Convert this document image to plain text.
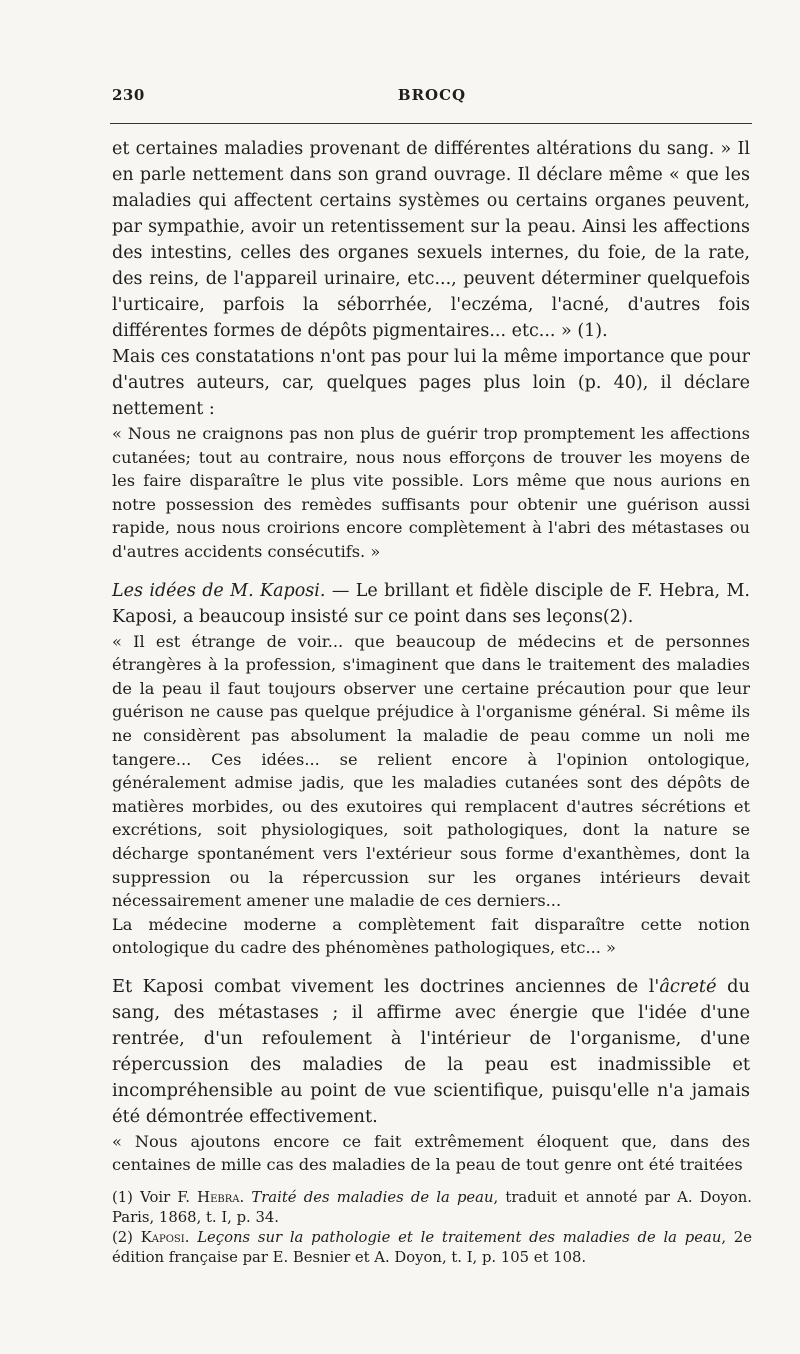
230	BROCQ

et certaines maladies provenant de différentes altérations du sang. » Il en parle nettement dans son grand ouvrage. Il déclare même « que les maladies qui affectent certains systèmes ou certains organes peuvent, par sympathie, avoir un retentissement sur la peau. Ainsi les affections des intestins, celles des organes sexuels internes, du foie, de la rate, des reins, de l'appareil urinaire, etc..., peuvent déterminer quelquefois l'urticaire, parfois la séborrhée, l'eczéma, l'acné, d'autres fois différentes formes de dépôts pigmentaires... etc... » (1).

Mais ces constatations n'ont pas pour lui la même importance que pour d'autres auteurs, car, quelques pages plus loin (p. 40), il déclare nettement :

« Nous ne craignons pas non plus de guérir trop promptement les affections cutanées; tout au contraire, nous nous efforçons de trouver les moyens de les faire disparaître le plus vite possible. Lors même que nous aurions en notre possession des remèdes suffisants pour obtenir une guérison aussi rapide, nous nous croirions encore complètement à l'abri des métastases ou d'autres accidents consécutifs. »

Les idées de M. Kaposi. — Le brillant et fidèle disciple de F. Hebra, M. Kaposi, a beaucoup insisté sur ce point dans ses leçons(2).

« Il est étrange de voir... que beaucoup de médecins et de personnes étrangères à la profession, s'imaginent que dans le traitement des maladies de la peau il faut toujours observer une certaine précaution pour que leur guérison ne cause pas quelque préjudice à l'organisme général. Si même ils ne considèrent pas absolument la maladie de peau comme un noli me tangere... Ces idées... se relient encore à l'opinion ontologique, généralement admise jadis, que les maladies cutanées sont des dépôts de matières morbides, ou des exutoires qui remplacent d'autres sécrétions et excrétions, soit physiologiques, soit pathologiques, dont la nature se décharge spontanément vers l'extérieur sous forme d'exanthèmes, dont la suppression ou la répercussion sur les organes intérieurs devait nécessairement amener une maladie de ces derniers...

La médecine moderne a complètement fait disparaître cette notion ontologique du cadre des phénomènes pathologiques, etc... »

Et Kaposi combat vivement les doctrines anciennes de l'âcreté du sang, des métastases ; il affirme avec énergie que l'idée d'une rentrée, d'un refoulement à l'intérieur de l'organisme, d'une répercussion des maladies de la peau est inadmissible et incompréhensible au point de vue scientifique, puisqu'elle n'a jamais été démontrée effectivement.

« Nous ajoutons encore ce fait extrêmement éloquent que, dans des centaines de mille cas des maladies de la peau de tout genre ont été traitées

(1) Voir F. Hebra. Traité des maladies de la peau, traduit et annoté par A. Doyon. Paris, 1868, t. I, p. 34.

(2) Kaposi. Leçons sur la pathologie et le traitement des maladies de la peau, 2e édition française par E. Besnier et A. Doyon, t. I, p. 105 et 108.
